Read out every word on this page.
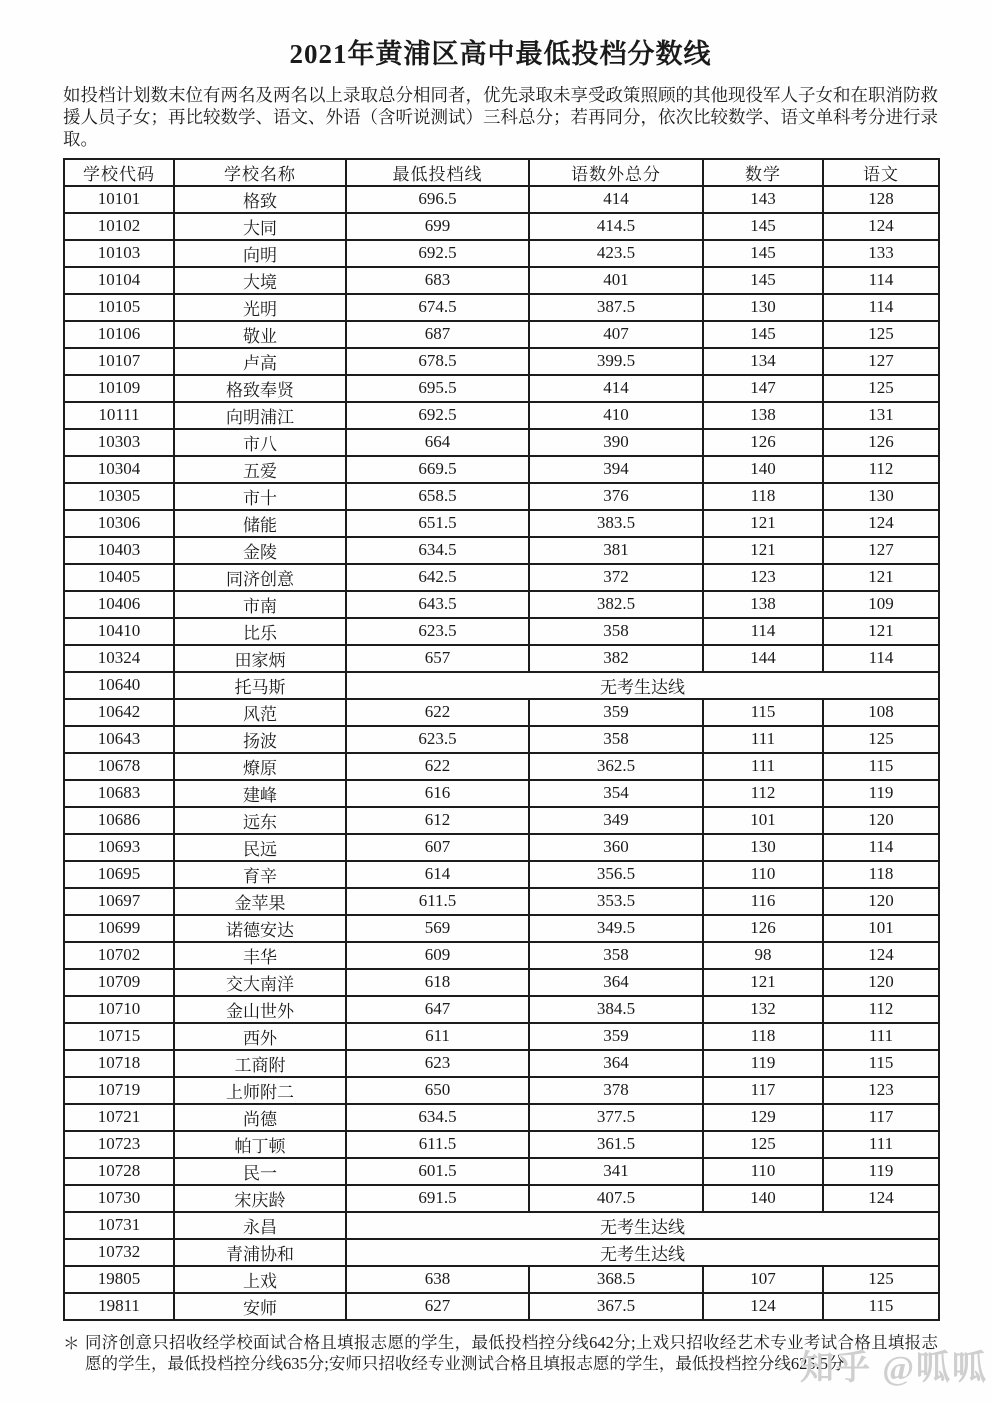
2021年黄浦区高中最低投档分数线
如投档计划数末位有两名及两名以上录取总分相同者，优先录取未享受政策照顾的其他现役军人子女和在职消防救援人员子女；再比较数学、语文、外语（含听说测试）三科总分；若再同分，依次比较数学、语文单科考分进行录取。
学校代码	学校名称	最低投档线	语数外总分	数学	语文
10101	格致	696.5	414	143	128
10102	大同	699	414.5	145	124
10103	向明	692.5	423.5	145	133
10104	大境	683	401	145	114
10105	光明	674.5	387.5	130	114
10106	敬业	687	407	145	125
10107	卢高	678.5	399.5	134	127
10109	格致奉贤	695.5	414	147	125
10111	向明浦江	692.5	410	138	131
10303	市八	664	390	126	126
10304	五爱	669.5	394	140	112
10305	市十	658.5	376	118	130
10306	储能	651.5	383.5	121	124
10403	金陵	634.5	381	121	127
10405	同济创意	642.5	372	123	121
10406	市南	643.5	382.5	138	109
10410	比乐	623.5	358	114	121
10324	田家炳	657	382	144	114
10640	托马斯	无考生达线			
10642	风范	622	359	115	108
10643	扬波	623.5	358	111	125
10678	燎原	622	362.5	111	115
10683	建峰	616	354	112	119
10686	远东	612	349	101	120
10693	民远	607	360	130	114
10695	育辛	614	356.5	110	118
10697	金苹果	611.5	353.5	116	120
10699	诺德安达	569	349.5	126	101
10702	丰华	609	358	98	124
10709	交大南洋	618	364	121	120
10710	金山世外	647	384.5	132	112
10715	西外	611	359	118	111
10718	工商附	623	364	119	115
10719	上师附二	650	378	117	123
10721	尚德	634.5	377.5	129	117
10723	帕丁顿	611.5	361.5	125	111
10728	民一	601.5	341	110	119
10730	宋庆龄	691.5	407.5	140	124
10731	永昌	无考生达线			
10732	青浦协和	无考生达线			
19805	上戏	638	368.5	107	125
19811	安师	627	367.5	124	115
＊ 同济创意只招收经学校面试合格且填报志愿的学生，最低投档控分线642分;上戏只招收经艺术专业考试合格且填报志愿的学生，最低投档控分线635分;安师只招收经专业测试合格且填报志愿的学生，最低投档控分线625.5分
知乎 @呱呱
